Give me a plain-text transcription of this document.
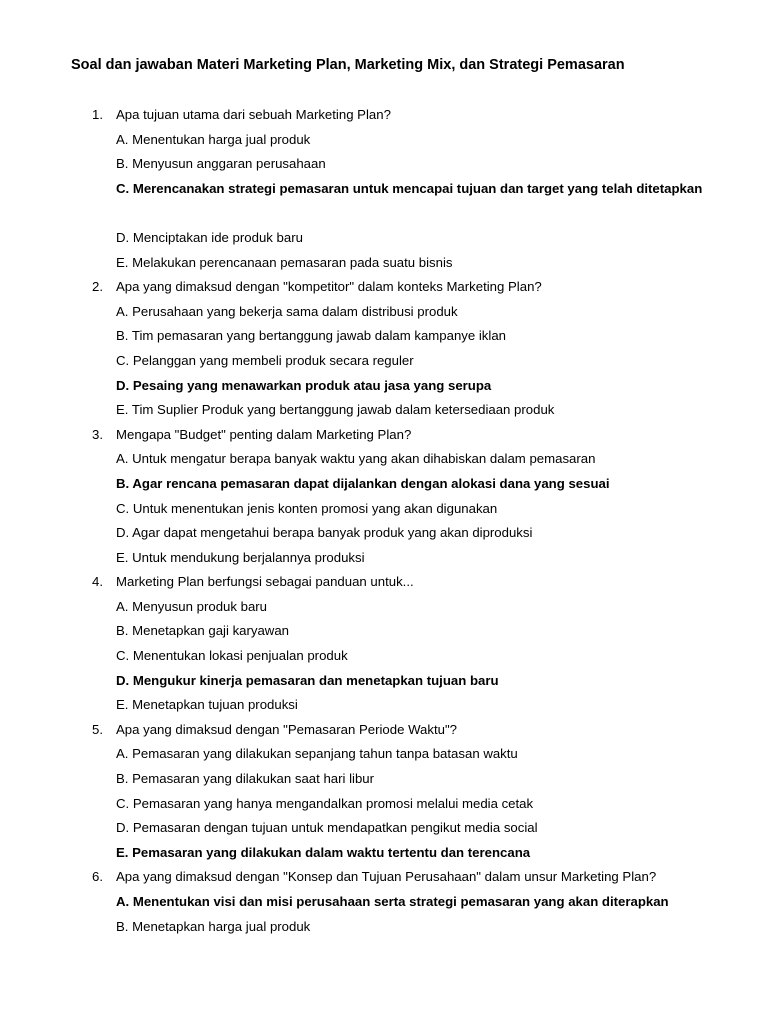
Soal dan jawaban Materi Marketing Plan, Marketing Mix, dan Strategi Pemasaran
1. Apa tujuan utama dari sebuah Marketing Plan?
A. Menentukan harga jual produk
B. Menyusun anggaran perusahaan
C. Merencanakan strategi pemasaran untuk mencapai tujuan dan target yang telah ditetapkan
D. Menciptakan ide produk baru
E. Melakukan perencanaan pemasaran pada suatu bisnis
2. Apa yang dimaksud dengan "kompetitor" dalam konteks Marketing Plan?
A. Perusahaan yang bekerja sama dalam distribusi produk
B. Tim pemasaran yang bertanggung jawab dalam kampanye iklan
C. Pelanggan yang membeli produk secara reguler
D. Pesaing yang menawarkan produk atau jasa yang serupa
E. Tim Suplier Produk yang bertanggung jawab dalam ketersediaan produk
3. Mengapa "Budget" penting dalam Marketing Plan?
A. Untuk mengatur berapa banyak waktu yang akan dihabiskan dalam pemasaran
B. Agar rencana pemasaran dapat dijalankan dengan alokasi dana yang sesuai
C. Untuk menentukan jenis konten promosi yang akan digunakan
D. Agar dapat mengetahui berapa banyak produk yang akan diproduksi
E. Untuk mendukung berjalannya produksi
4. Marketing Plan berfungsi sebagai panduan untuk...
A. Menyusun produk baru
B. Menetapkan gaji karyawan
C. Menentukan lokasi penjualan produk
D. Mengukur kinerja pemasaran dan menetapkan tujuan baru
E. Menetapkan tujuan produksi
5. Apa yang dimaksud dengan "Pemasaran Periode Waktu"?
A. Pemasaran yang dilakukan sepanjang tahun tanpa batasan waktu
B. Pemasaran yang dilakukan saat hari libur
C. Pemasaran yang hanya mengandalkan promosi melalui media cetak
D. Pemasaran dengan tujuan untuk mendapatkan pengikut media social
E. Pemasaran yang dilakukan dalam waktu tertentu dan terencana
6. Apa yang dimaksud dengan "Konsep dan Tujuan Perusahaan" dalam unsur Marketing Plan?
A. Menentukan visi dan misi perusahaan serta strategi pemasaran yang akan diterapkan
B. Menetapkan harga jual produk
